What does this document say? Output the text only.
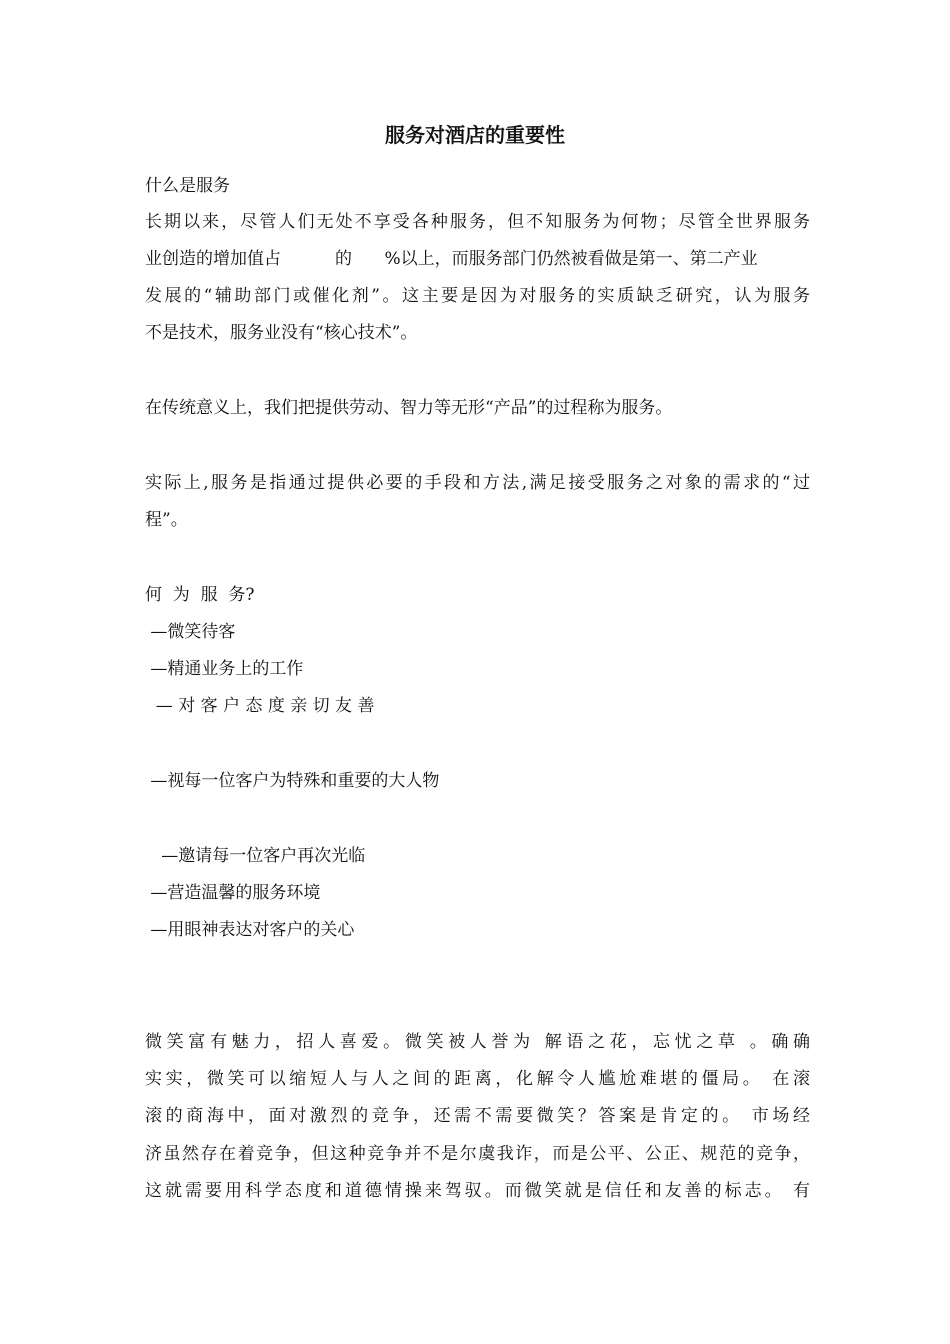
服务对酒店的重要性

什么是服务

长期以来，尽管人们无处不享受各种服务，但不知服务为何物；尽管全世界服务

业创造的增加值占          的      %以上，而服务部门仍然被看做是第一、第二产业

发展的“辅助部门或催化剂”。这主要是因为对服务的实质缺乏研究，认为服务

不是技术，服务业没有“核心技术”。

在传统意义上，我们把提供劳动、智力等无形“产品”的过程称为服务。

实际上,服务是指通过提供必要的手段和方法,满足接受服务之对象的需求的“过

程”。

何  为  服  务?

—微笑待客

—精通业务上的工作

— 对 客 户 态 度 亲 切 友 善

—视每一位客户为特殊和重要的大人物

—邀请每一位客户再次光临

—营造温馨的服务环境

—用眼神表达对客户的关心

微笑富有魅力，招人喜爱。微笑被人誉为 解语之花，忘忧之草 。确确

实实，微笑可以缩短人与人之间的距离，化解令人尴尬难堪的僵局。 在滚

滚的商海中，面对激烈的竞争，还需不需要微笑？答案是肯定的。 市场经

济虽然存在着竞争，但这种竞争并不是尔虞我诈，而是公平、公正、规范的竞争，

这就需要用科学态度和道德情操来驾驭。而微笑就是信任和友善的标志。 有
